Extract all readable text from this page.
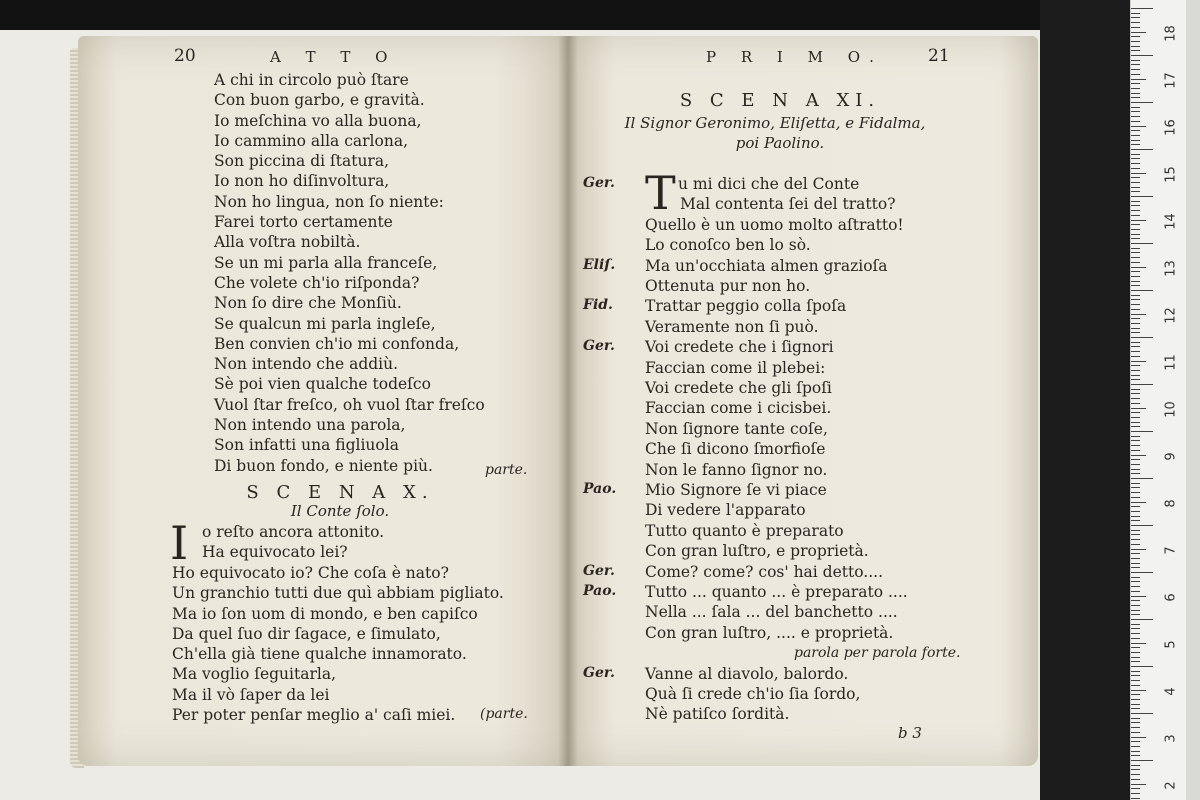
20	A T T O
A chi in circolo può ſtare
Con buon garbo, e gravità.
Io meſchina vo alla buona,
Io cammino alla carlona,
Son piccina di ſtatura,
Io non ho diſinvoltura,
Non ho lingua, non ſo niente:
Farei torto certamente
Alla voſtra nobiltà.
Se un mi parla alla franceſe,
Che volete ch'io riſponda?
Non ſo dire che Monſiù.
Se qualcun mi parla ingleſe,
Ben convien ch'io mi confonda,
Non intendo che addiù.
Sè poi vien qualche todeſco
Vuol ſtar freſco, oh vuol ſtar freſco
Non intendo una parola,
Son infatti una figliuola
Di buon fondo, e niente più.	parte.
S C E N A X.
Il Conte ſolo.
I o reſto ancora attonito.
Ha equivocato lei?
Ho equivocato io? Che coſa è nato?
Un granchio tutti due quì abbiam pigliato.
Ma io ſon uom di mondo, e ben capiſco
Da quel ſuo dir ſagace, e ſimulato,
Ch'ella già tiene qualche innamorato.
Ma voglio ſeguitarla,
Ma il vò ſaper da lei
Per poter penſar meglio a' caſi miei.	(parte.
P R I M O.	21
S C E N A XI.
Il Signor Geronimo, Eliſetta, e Fidalma,
poi Paolino.
T
Ger.	u mi dici che del Conte
Mal contenta ſei del tratto?
Quello è un uomo molto aſtratto!
Lo conoſco ben lo sò.
Eliſ. Ma un'occhiata almen grazioſa
Ottenuta pur non ho.
Fid. Trattar peggio colla ſpoſa
Veramente non ſi può.
Ger. Voi credete che i ſignori
Faccian come il plebei:
Voi credete che gli ſpoſi
Faccian come i cicisbei.
Non ſignore tante coſe,
Che ſi dicono ſmorfioſe
Non le fanno ſignor no.
Pao. Mio Signore ſe vi piace
Di vedere l'apparato
Tutto quanto è preparato
Con gran luſtro, e proprietà.
Ger. Come? come? cos' hai detto....
Pao. Tutto ... quanto ... è preparato ....
Nella ... ſala ... del banchetto ....
Con gran luſtro, .... e proprietà.
parola per parola forte.
Ger. Vanne al diavolo, balordo.
Quà ſi crede ch'io ſia ſordo,
Nè patiſco ſordità.
b 3
18
17
16
15
14
13
12
11
10
9
8
7
6
5
4
3
2
